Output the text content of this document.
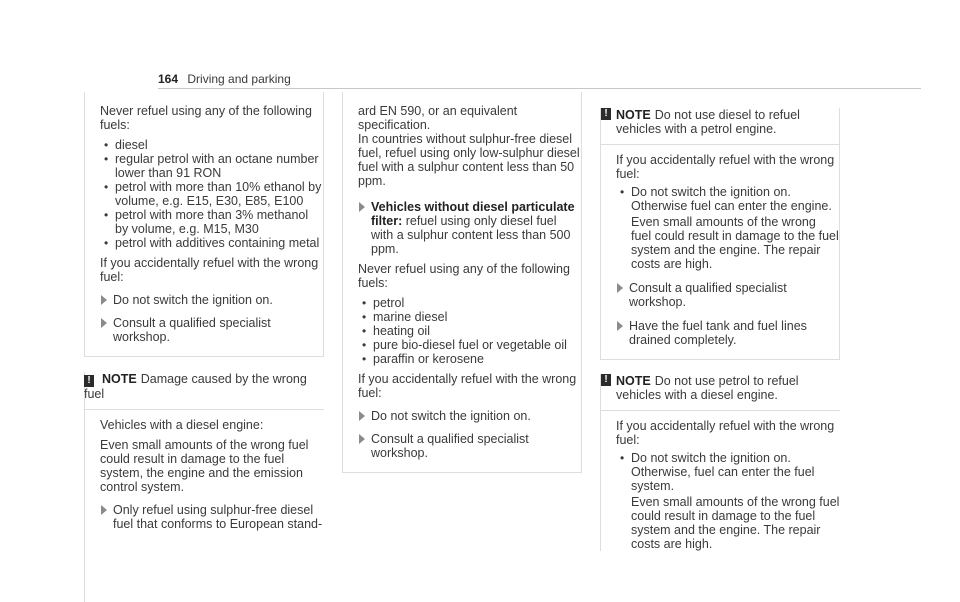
164 Driving and parking

Never refuel using any of the following fuels:

• diesel
• regular petrol with an octane number lower than 91 RON
• petrol with more than 10% ethanol by volume, e.g. E15, E30, E85, E100
• petrol with more than 3% methanol by volume, e.g. M15, M30
• petrol with additives containing metal

If you accidentally refuel with the wrong fuel:

Do not switch the ignition on.
Consult a qualified specialist workshop.
! NOTE Damage caused by the wrong fuel

Vehicles with a diesel engine:

Even small amounts of the wrong fuel could result in damage to the fuel system, the engine and the emission control system.

Only refuel using sulphur-free diesel fuel that conforms to European stand-

ard EN 590, or an equivalent specification.

In countries without sulphur-free diesel fuel, refuel using only low-sulphur diesel fuel with a sulphur content less than 50 ppm.

Vehicles without diesel particulate filter: refuel using only diesel fuel with a sulphur content less than 500 ppm.

Never refuel using any of the following fuels:

• petrol
• marine diesel
• heating oil
• pure bio-diesel fuel or vegetable oil
• paraffin or kerosene

If you accidentally refuel with the wrong fuel:

Do not switch the ignition on.
Consult a qualified specialist workshop.
! NOTE Do not use diesel to refuel vehicles with a petrol engine.

If you accidentally refuel with the wrong fuel:

• Do not switch the ignition on. Otherwise fuel can enter the engine.

Even small amounts of the wrong fuel could result in damage to the fuel system and the engine. The repair costs are high.

Consult a qualified specialist workshop.
Have the fuel tank and fuel lines drained completely.
! NOTE Do not use petrol to refuel vehicles with a diesel engine.

If you accidentally refuel with the wrong fuel:

• Do not switch the ignition on. Otherwise, fuel can enter the fuel system.

Even small amounts of the wrong fuel could result in damage to the fuel system and the engine. The repair costs are high.
